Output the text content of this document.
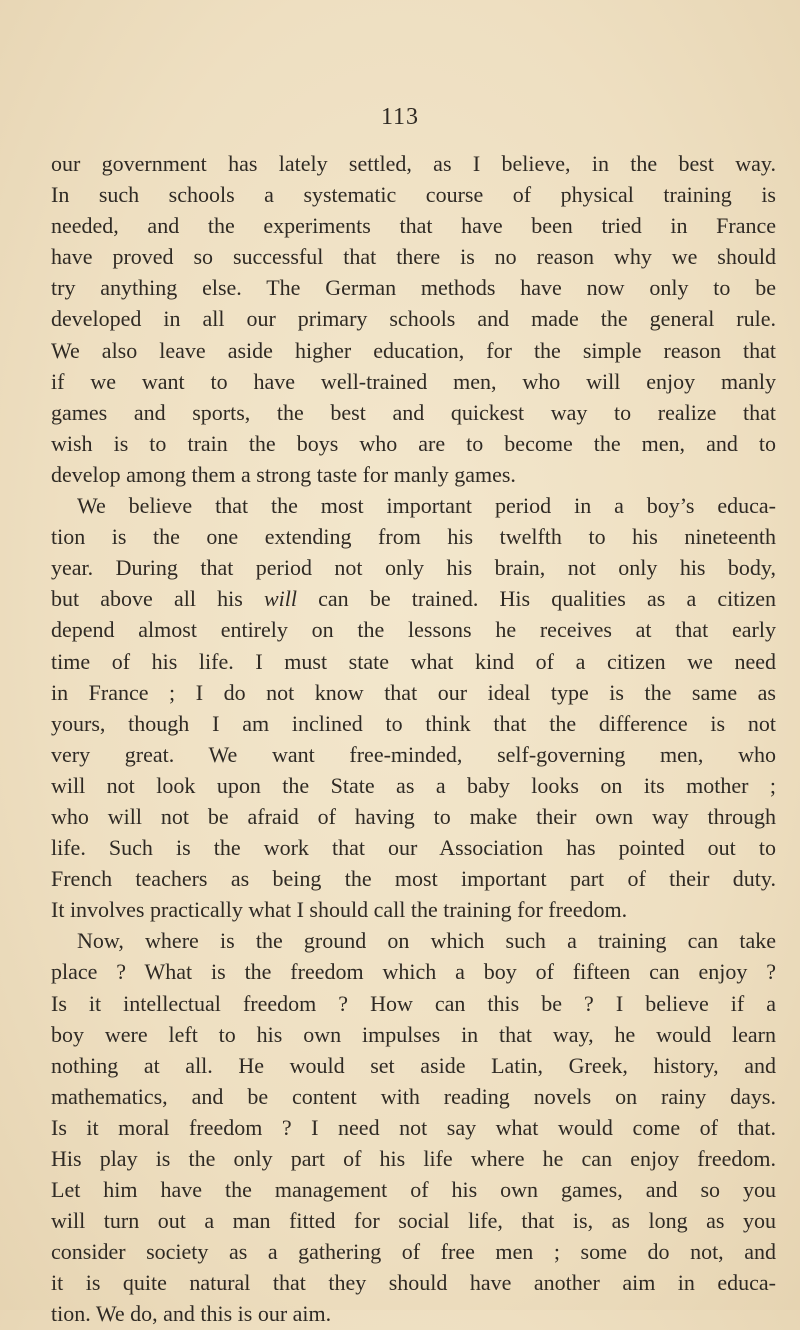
113
our government has lately settled, as I believe, in the best way.
In such schools a systematic course of physical training is
needed, and the experiments that have been tried in France
have proved so successful that there is no reason why we should
try anything else. The German methods have now only to be
developed in all our primary schools and made the general rule.
We also leave aside higher education, for the simple reason that
if we want to have well-trained men, who will enjoy manly
games and sports, the best and quickest way to realize that
wish is to train the boys who are to become the men, and to
develop among them a strong taste for manly games.
We believe that the most important period in a boy’s educa-
tion is the one extending from his twelfth to his nineteenth
year. During that period not only his brain, not only his body,
but above all his will can be trained. His qualities as a citizen
depend almost entirely on the lessons he receives at that early
time of his life. I must state what kind of a citizen we need
in France ; I do not know that our ideal type is the same as
yours, though I am inclined to think that the difference is not
very great. We want free-minded, self-governing men, who
will not look upon the State as a baby looks on its mother ;
who will not be afraid of having to make their own way through
life. Such is the work that our Association has pointed out to
French teachers as being the most important part of their duty.
It involves practically what I should call the training for freedom.
Now, where is the ground on which such a training can take
place ? What is the freedom which a boy of fifteen can enjoy ?
Is it intellectual freedom ? How can this be ? I believe if a
boy were left to his own impulses in that way, he would learn
nothing at all. He would set aside Latin, Greek, history, and
mathematics, and be content with reading novels on rainy days.
Is it moral freedom ? I need not say what would come of that.
His play is the only part of his life where he can enjoy freedom.
Let him have the management of his own games, and so you
will turn out a man fitted for social life, that is, as long as you
consider society as a gathering of free men ; some do not, and
it is quite natural that they should have another aim in educa-
tion. We do, and this is our aim.
